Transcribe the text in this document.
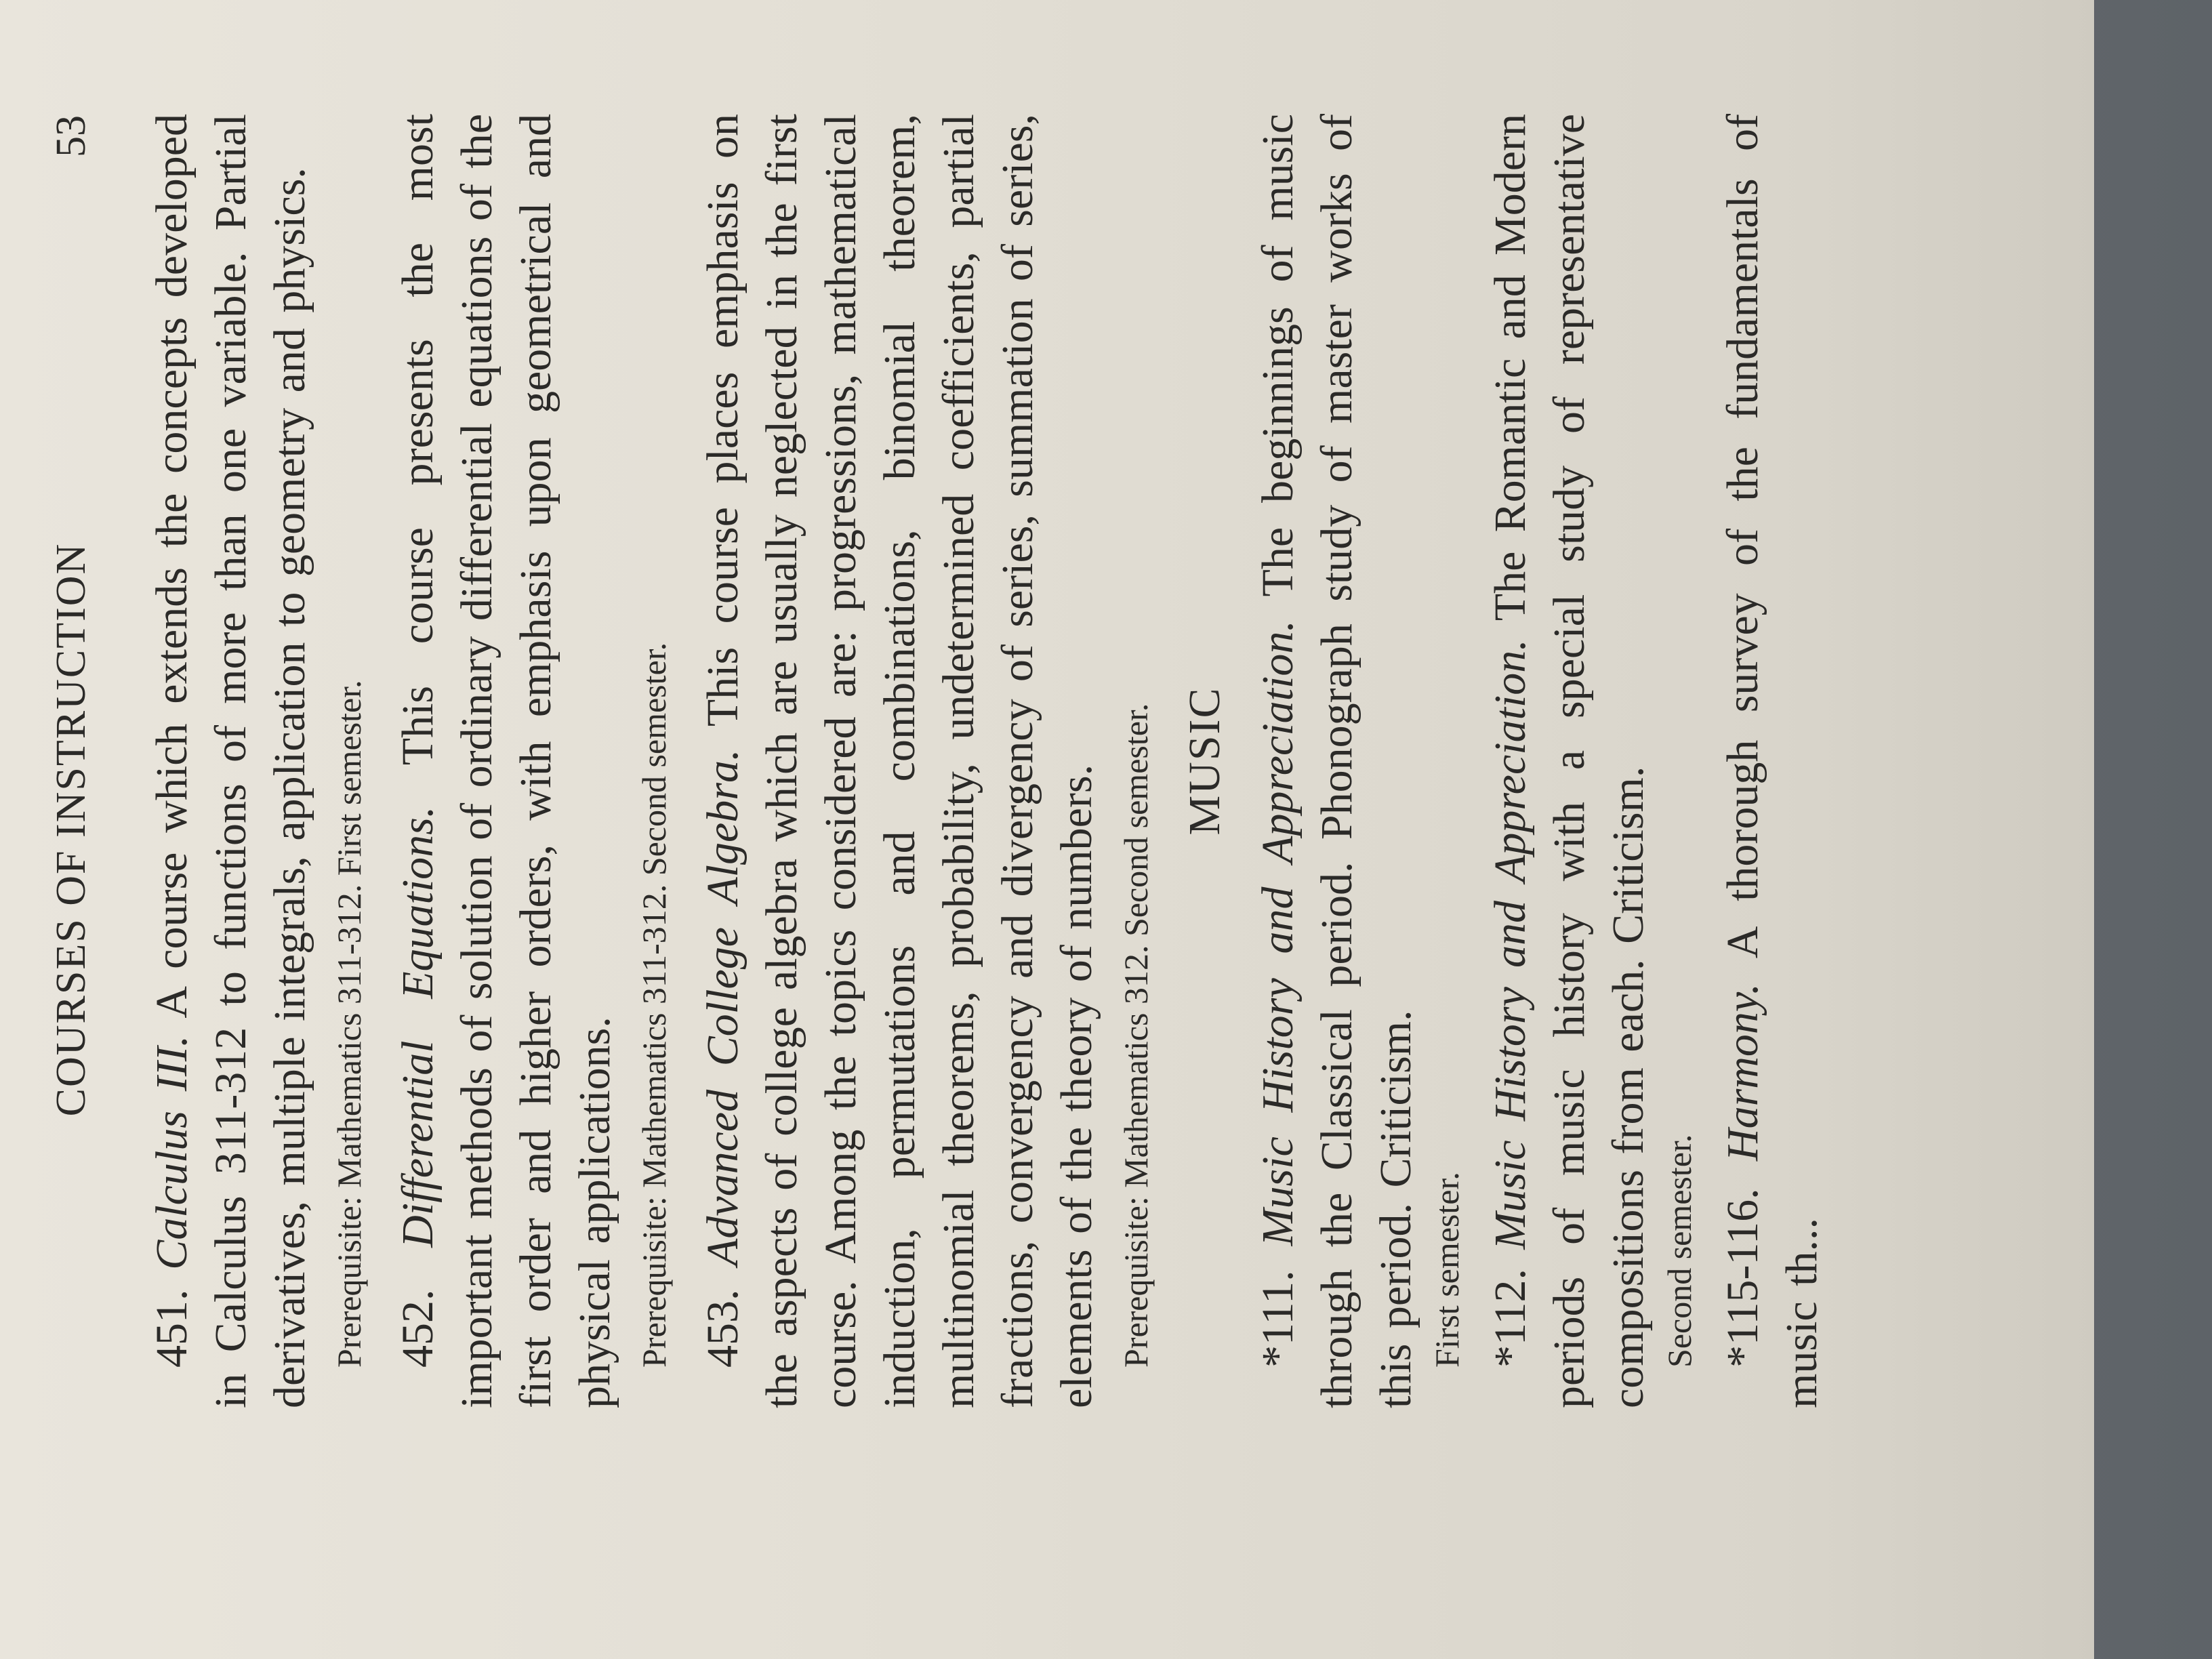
COURSES OF INSTRUCTION
53

451. Calculus III. A course which extends the concepts developed in Calculus 311-312 to functions of more than one variable. Partial derivatives, multiple integrals, application to geometry and physics. Prerequisite: Mathematics 311-312. First semester. 452. Differential Equations. This course presents the most important methods of solution of ordinary differential equations of the first order and higher orders, with emphasis upon geometrical and physical applications. Prerequisite: Mathematics 311-312. Second semester. 453. Advanced College Algebra. This course places emphasis on the aspects of college algebra which are usually neglected in the first course. Among the topics considered are: progressions, mathematical induction, permutations and combinations, binomial theorem, multinomial theorems, probability, undetermined coefficients, partial fractions, convergency and divergency of series, summation of series, elements of the theory of numbers. Prerequisite: Mathematics 312. Second semester. MUSIC

*111. Music History and Appreciation. The beginnings of music through the Classical period. Phonograph study of master works of this period. Criticism. First semester. *112. Music History and Appreciation. The Romantic and Modern periods of music history with a special study of representative compositions from each. Criticism. Second semester. *115-116. Harmony. A thorough survey of the fundamentals of music th...
